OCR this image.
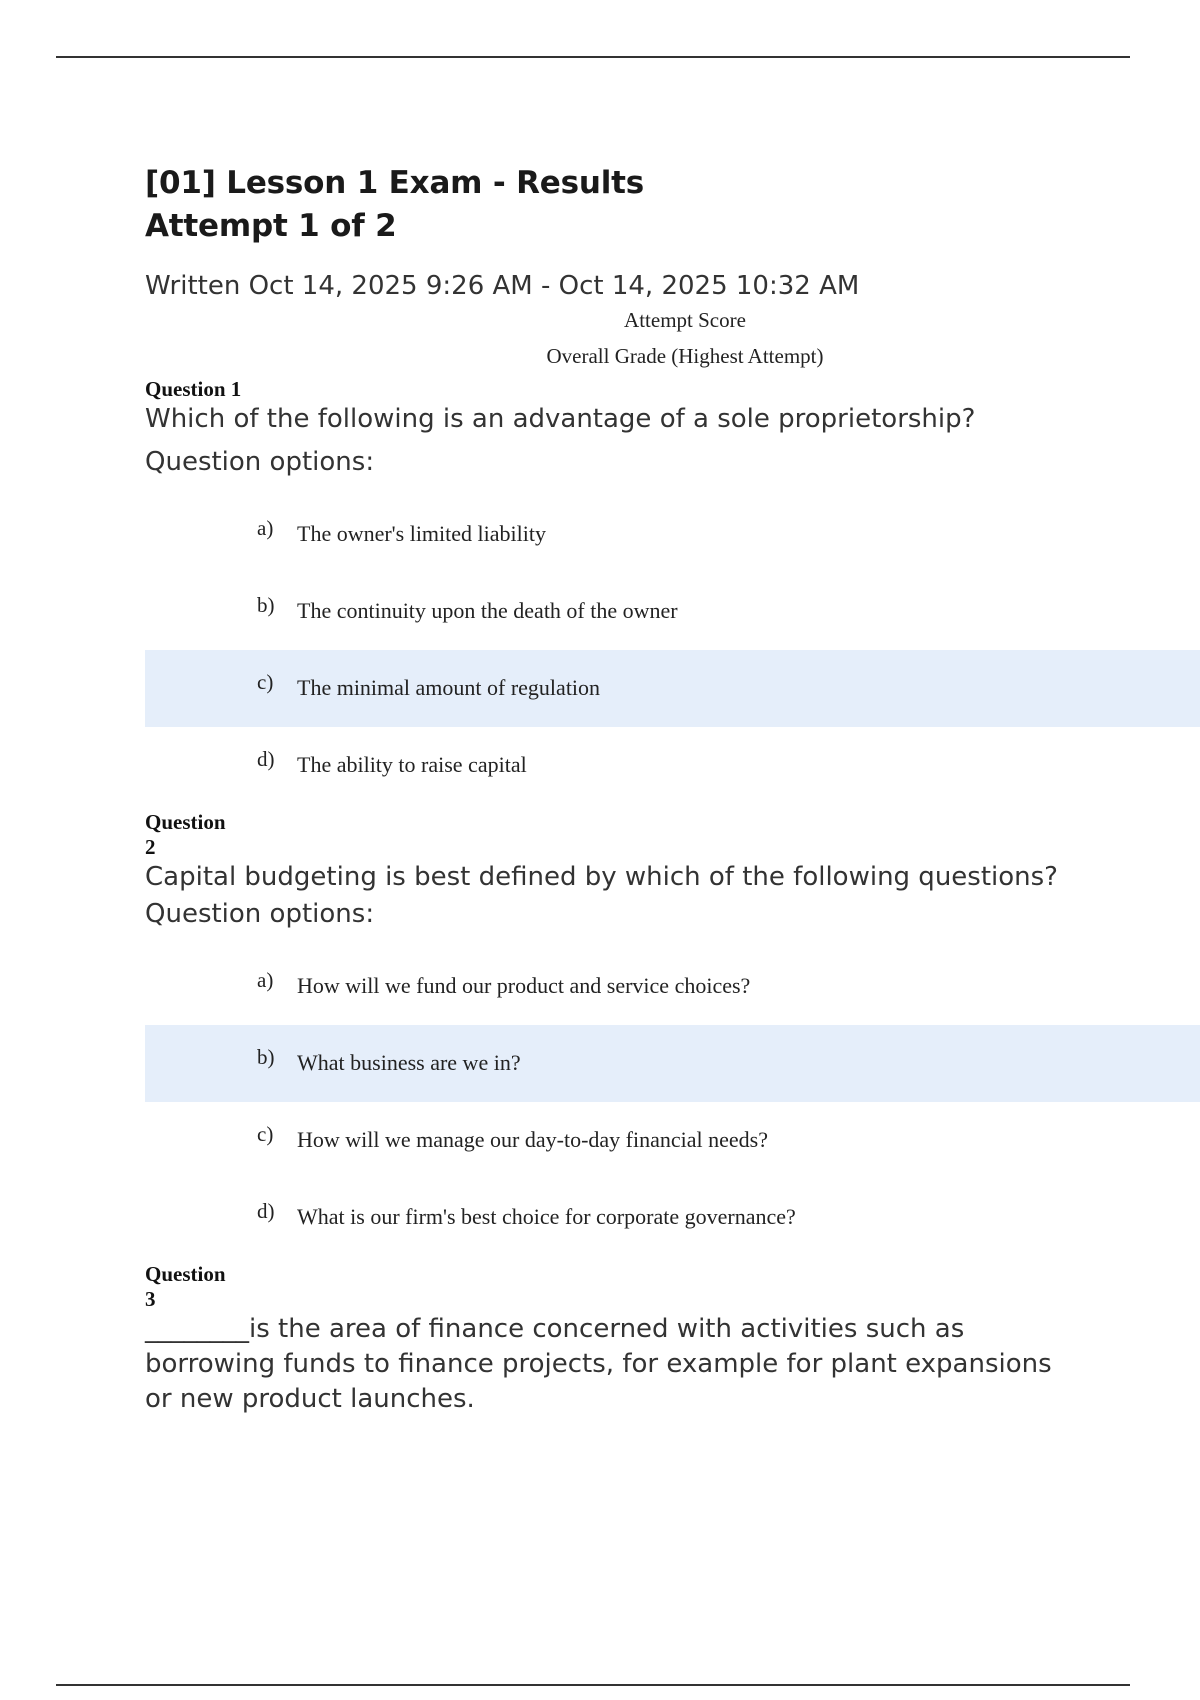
[01] Lesson 1 Exam - Results
Attempt 1 of 2
Written Oct 14, 2025 9:26 AM - Oct 14, 2025 10:32 AM
Attempt Score
Overall Grade (Highest Attempt)
Question 1
Which of the following is an advantage of a sole proprietorship?
Question options:
a) The owner's limited liability
b) The continuity upon the death of the owner
c) The minimal amount of regulation
d) The ability to raise capital
Question
2
Capital budgeting is best defined by which of the following questions?
Question options:
a) How will we fund our product and service choices?
b) What business are we in?
c) How will we manage our day-to-day financial needs?
d) What is our firm's best choice for corporate governance?
Question
3
________is the area of finance concerned with activities such as borrowing funds to finance projects, for example for plant expansions or new product launches.
